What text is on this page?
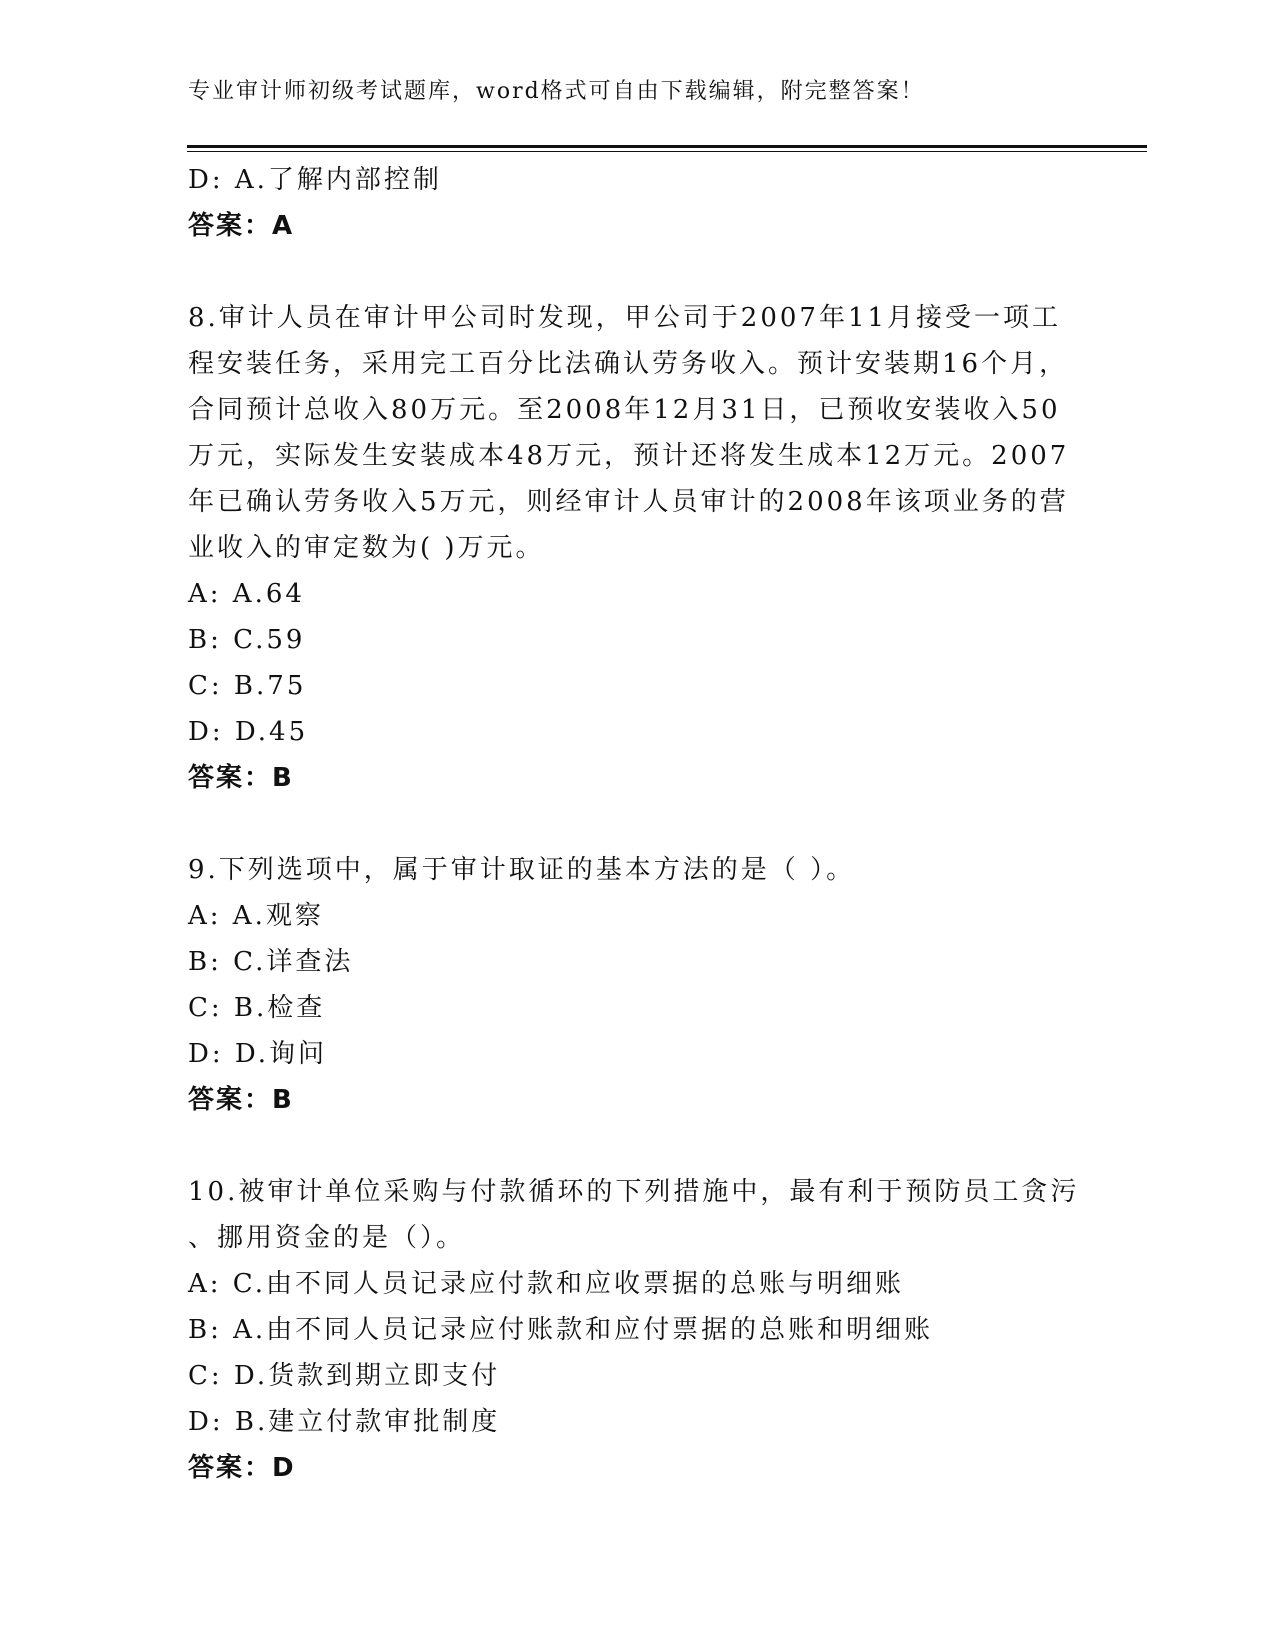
专业审计师初级考试题库，word格式可自由下载编辑，附完整答案！
D: A.了解内部控制
答案：A
8.审计人员在审计甲公司时发现，甲公司于2007年11月接受一项工
程安装任务，采用完工百分比法确认劳务收入。预计安装期16个月，
合同预计总收入80万元。至2008年12月31日，已预收安装收入50
万元，实际发生安装成本48万元，预计还将发生成本12万元。2007
年已确认劳务收入5万元，则经审计人员审计的2008年该项业务的营
业收入的审定数为( )万元。
A: A.64
B: C.59
C: B.75
D: D.45
答案：B
9.下列选项中，属于审计取证的基本方法的是（ ）。
A: A.观察
B: C.详查法
C: B.检查
D: D.询问
答案：B
10.被审计单位采购与付款循环的下列措施中，最有利于预防员工贪污
、挪用资金的是（）。
A: C.由不同人员记录应付款和应收票据的总账与明细账
B: A.由不同人员记录应付账款和应付票据的总账和明细账
C: D.货款到期立即支付
D: B.建立付款审批制度
答案：D
